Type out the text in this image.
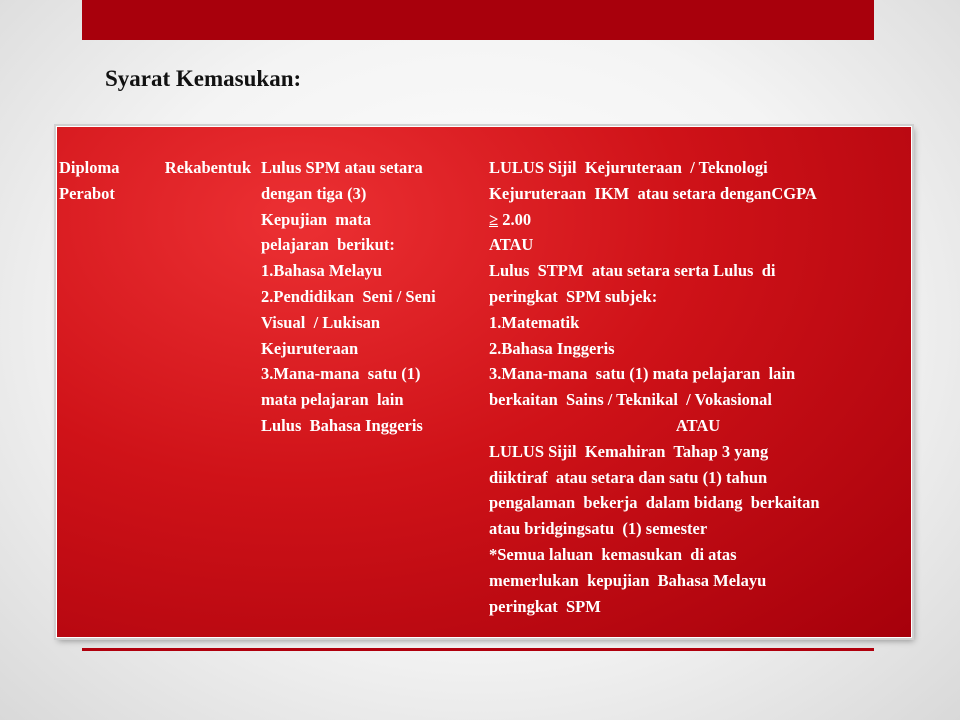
Syarat Kemasukan:
Diploma Rekabentuk
Perabot
Lulus SPM atau setara
dengan tiga (3)
Kepujian  mata
pelajaran  berikut:
1.Bahasa Melayu
2.Pendidikan  Seni / Seni
Visual  / Lukisan
Kejuruteraan
3.Mana-mana  satu (1)
mata pelajaran  lain
Lulus  Bahasa Inggeris
LULUS Sijil  Kejuruteraan  / Teknologi
Kejuruteraan  IKM  atau setara denganCGPA
≥ 2.00
ATAU
Lulus  STPM  atau setara serta Lulus  di
peringkat  SPM subjek:
1.Matematik
2.Bahasa Inggeris
3.Mana-mana  satu (1) mata pelajaran  lain
berkaitan  Sains / Teknikal  / Vokasional
ATAU
LULUS Sijil  Kemahiran  Tahap 3 yang
diiktiraf  atau setara dan satu (1) tahun
pengalaman  bekerja  dalam bidang  berkaitan
atau bridgingsatu  (1) semester
*Semua laluan  kemasukan  di atas
memerlukan  kepujian  Bahasa Melayu
peringkat  SPM
